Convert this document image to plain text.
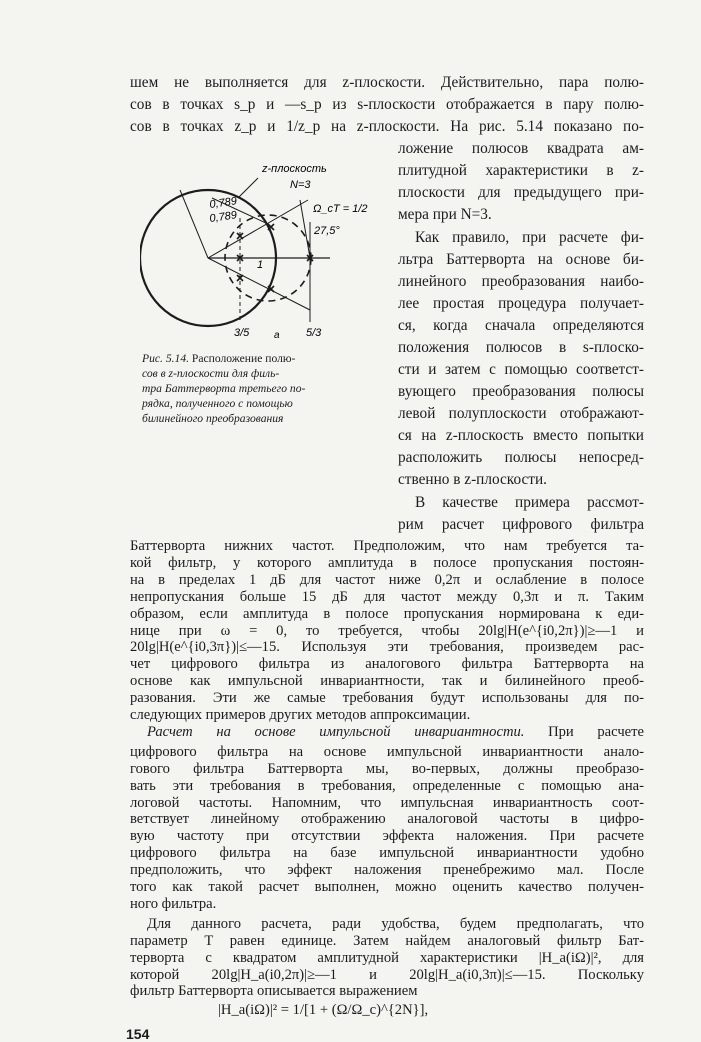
шем не выполняется для z-плоскости. Действительно, пара полю-
сов в точках s_p и —s_p из s-плоскости отображается в пару полю-
сов в точках z_p и 1/z_p на z-плоскости. На рис. 5.14 показано по-
ложение полюсов квадрата ам-
плитудной характеристики в z-
плоскости для предыдущего при-
мера при N=3.
Как правило, при расчете фи-
льтра Баттерворта на основе би-
линейного преобразования наибо-
лее простая процедура получает-
ся, когда сначала определяются
положения полюсов в s-плоско-
сти и затем с помощью соответст-
вующего преобразования полюсы
левой полуплоскости отображают-
ся на z-плоскость вместо попытки
расположить полюсы непосред-
ственно в z-плоскости.
В качестве примера рассмот-
рим расчет цифрового фильтра
z-плоскость
N=3
Ω_cT = 1/2
27,5°
0,789
0,789
1
3/5	5/3
a
Рис. 5.14. Расположение полю-
сов в z-плоскости для филь-
тра Баттерворта третьего по-
рядка, полученного с помощью
билинейного преобразования
Баттерворта нижних частот. Предположим, что нам требуется та-
кой фильтр, у которого амплитуда в полосе пропускания постоян-
на в пределах 1 дБ для частот ниже 0,2π и ослабление в полосе
непропускания больше 15 дБ для частот между 0,3π и π. Таким
образом, если амплитуда в полосе пропускания нормирована к еди-
нице при ω = 0, то требуется, чтобы 20lg|H(e^{i0,2π})|≥—1 и
20lg|H(e^{i0,3π})|≤—15. Используя эти требования, произведем рас-
чет цифрового фильтра из аналогового фильтра Баттерворта на
основе как импульсной инвариантности, так и билинейного преоб-
разования. Эти же самые требования будут использованы для по-
следующих примеров других методов аппроксимации.
Расчет на основе импульсной инвариантности. При расчете
цифрового фильтра на основе импульсной инвариантности анало-
гового фильтра Баттерворта мы, во-первых, должны преобразо-
вать эти требования в требования, определенные с помощью ана-
логовой частоты. Напомним, что импульсная инвариантность соот-
ветствует линейному отображению аналоговой частоты в цифро-
вую частоту при отсутствии эффекта наложения. При расчете
цифрового фильтра на базе импульсной инвариантности удобно
предположить, что эффект наложения пренебрежимо мал. После
того как такой расчет выполнен, можно оценить качество получен-
ного фильтра.
Для данного расчета, ради удобства, будем предполагать, что
параметр T равен единице. Затем найдем аналоговый фильтр Бат-
терворта с квадратом амплитудной характеристики |H_a(iΩ)|², для
которой 20lg|H_a(i0,2π)|≥—1 и 20lg|H_a(i0,3π)|≤—15. Поскольку
фильтр Баттерворта описывается выражением
|H_a(iΩ)|² = 1/[1 + (Ω/Ω_c)^{2N}],
154
